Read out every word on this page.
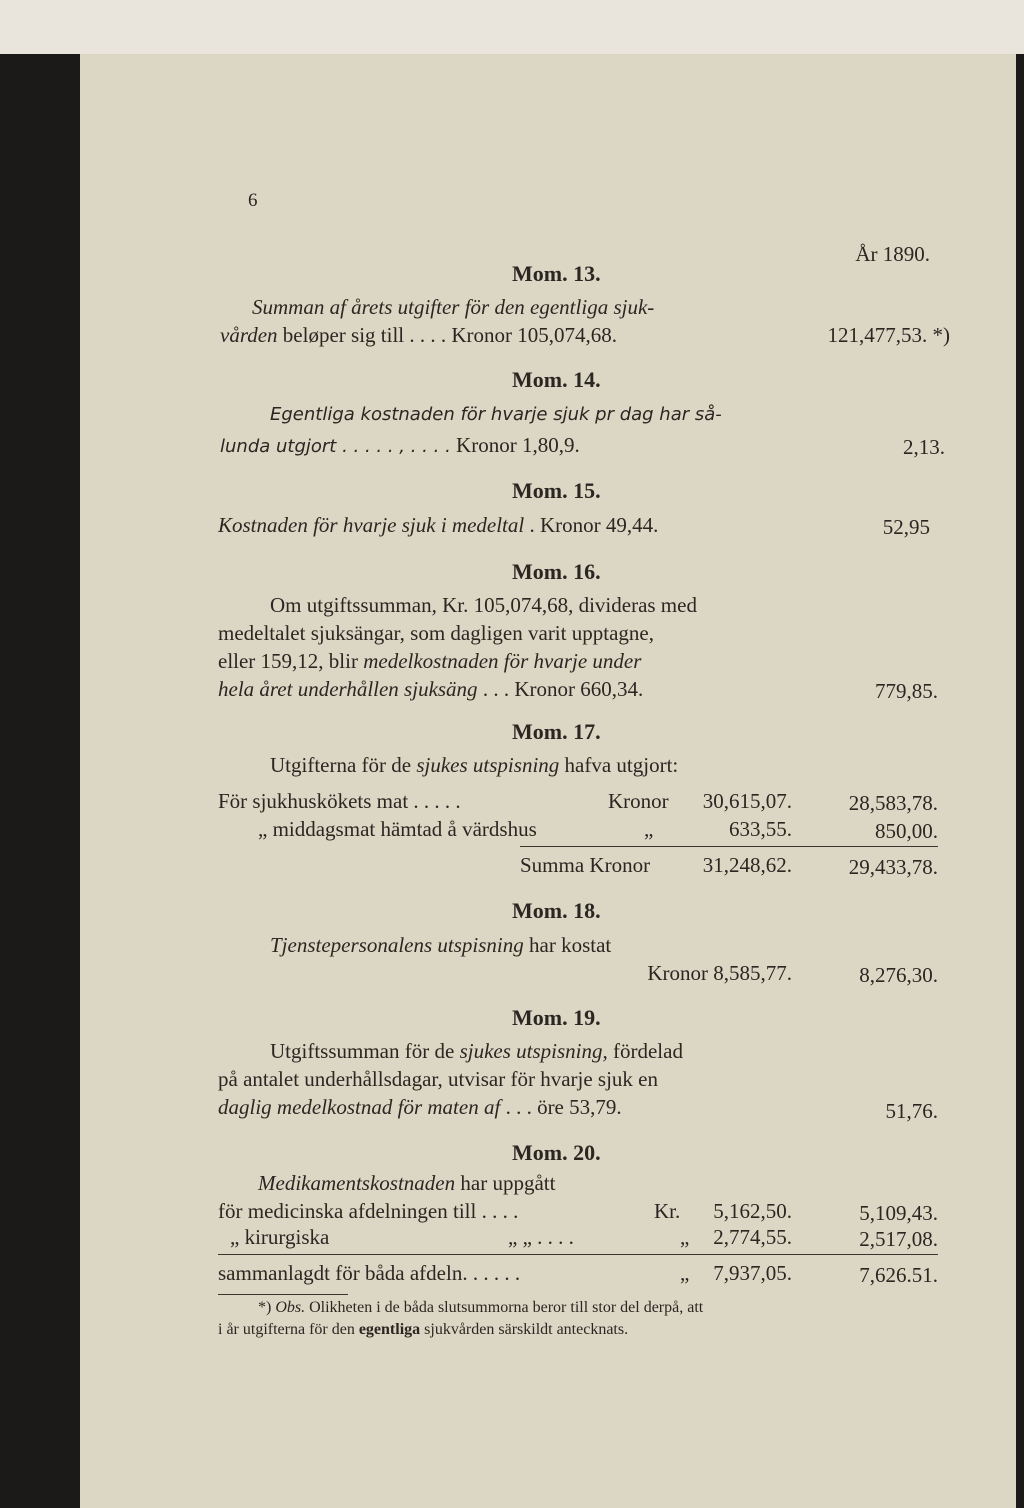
6
År 1890.
Mom. 13.
Summan af årets utgifter för den egentliga sjuk-
vården beløper sig till . . . . Kronor 105,074,68.	121,477,53. *)
Mom. 14.
Egentliga kostnaden för hvarje sjuk pr dag har så-
lunda utgjort . . . . . , . . . . Kronor 1,80,9.	2,13.
Mom. 15.
Kostnaden för hvarje sjuk i medeltal . Kronor 49,44.	52,95
Mom. 16.
Om utgiftssumman, Kr. 105,074,68, divideras med
medeltalet sjuksängar, som dagligen varit upptagne,
eller 159,12, blir medelkostnaden för hvarje under
hela året underhållen sjuksäng . . . Kronor 660,34.	779,85.
Mom. 17.
Utgifterna för de sjukes utspisning hafva utgjort:
För sjukhuskökets mat . . . . .	Kronor	30,615,07.	28,583,78.
„ middagsmat hämtad å värdshus	„	633,55.	850,00.
Summa Kronor	31,248,62.	29,433,78.
Mom. 18.
Tjenstepersonalens utspisning har kostat
Kronor 8,585,77.	8,276,30.
Mom. 19.
Utgiftssumman för de sjukes utspisning, fördelad
på antalet underhållsdagar, utvisar för hvarje sjuk en
daglig medelkostnad för maten af . . . öre 53,79.	51,76.
Mom. 20.
Medikamentskostnaden har uppgått
för medicinska afdelningen till . . . .	Kr.	5,162,50.	5,109,43.
„ kirurgiska	„ „ . . . .	„	2,774,55.	2,517,08.
sammanlagdt för båda afdeln. . . . . .	„	7,937,05.	7,626.51.
*) Obs. Olikheten i de båda slutsummorna beror till stor del derpå, att
i år utgifterna för den egentliga sjukvården särskildt antecknats.
